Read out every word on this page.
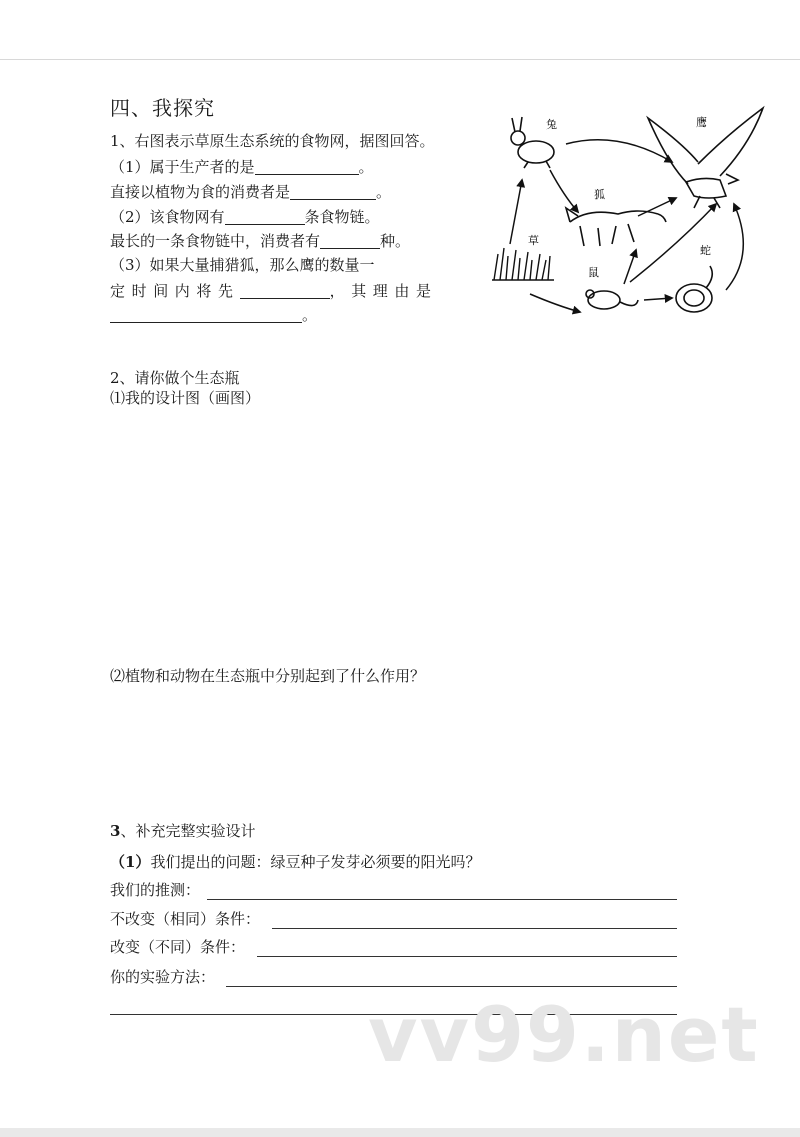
四、我探究
1、右图表示草原生态系统的食物网，据图回答。
（1）属于生产者的是	。
直接以植物为食的消费者是	。
（2）该食物网有	条食物链。
最长的一条食物链中，消费者有	种。
（3）如果大量捕猎狐，那么鹰的数量一
定时间内将先	，其理由是
。
兔	鹰
狐
草
鼠
蛇
2、请你做个生态瓶
⑴我的设计图（画图）
⑵植物和动物在生态瓶中分别起到了什么作用？
3、补充完整实验设计
（1）我们提出的问题：绿豆种子发芽必须要的阳光吗？
我们的推测：
不改变（相同）条件：
改变（不同）条件：
你的实验方法：
vv99.net
